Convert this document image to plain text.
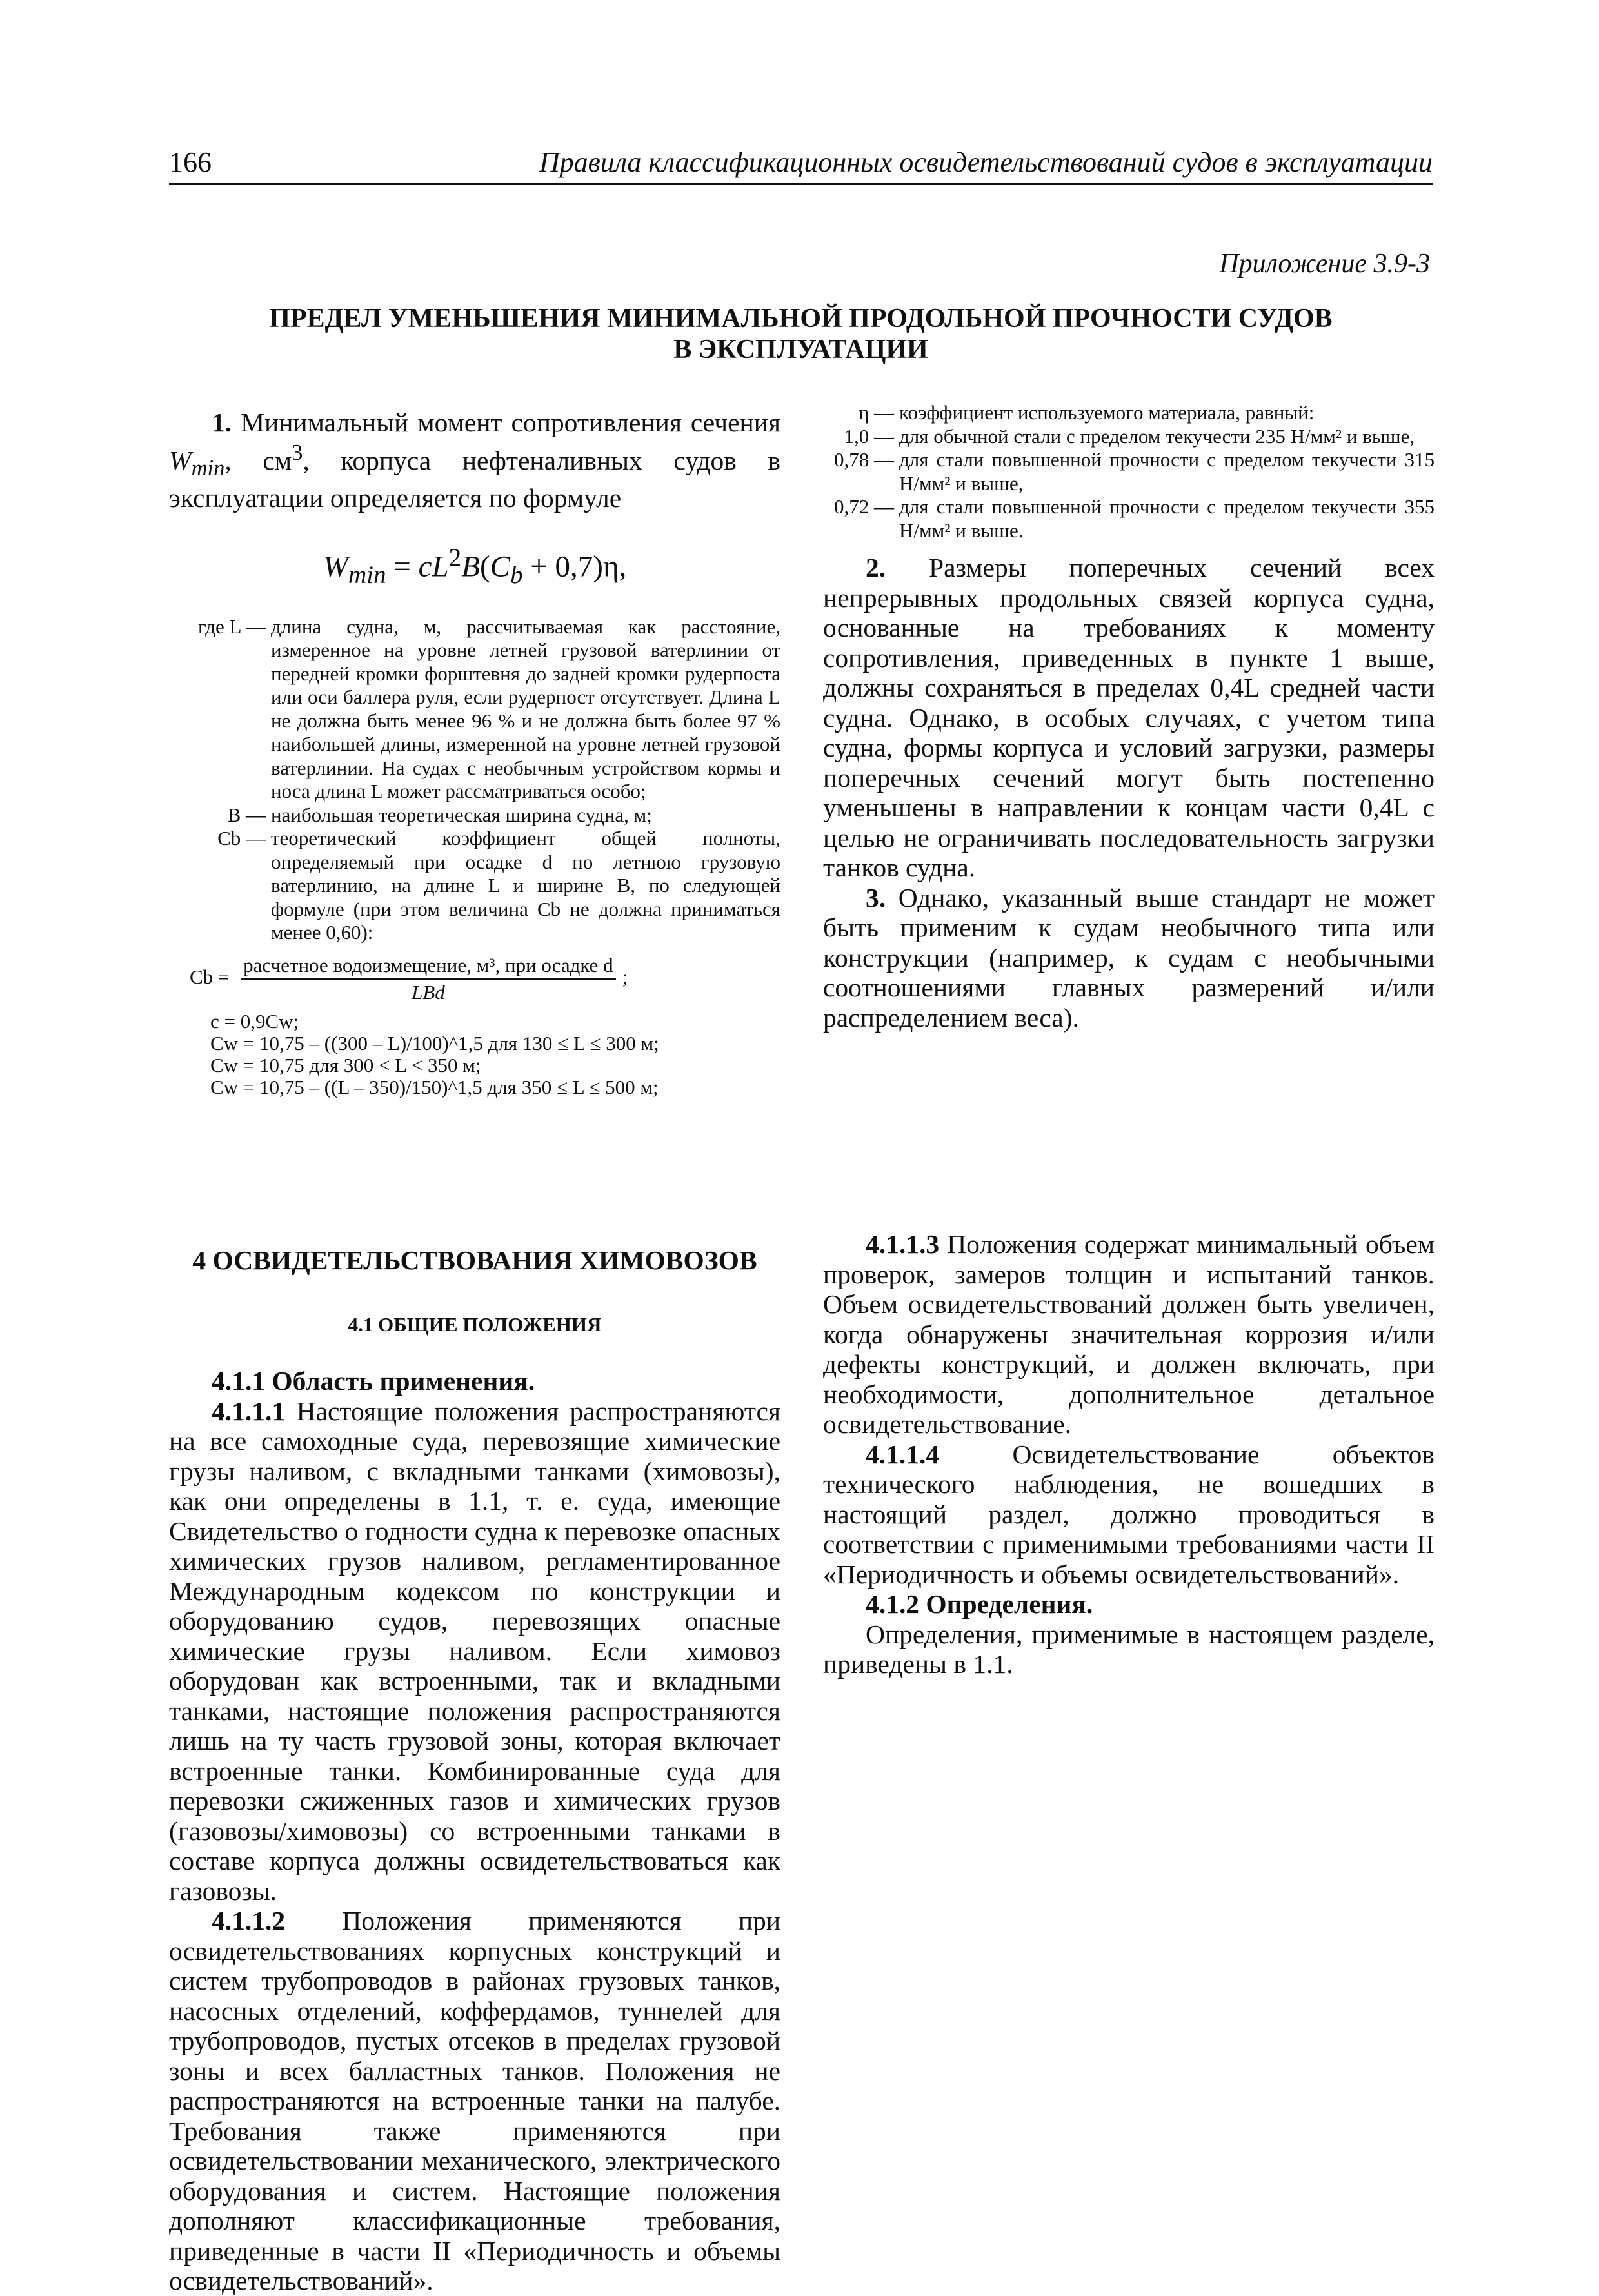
166	Правила классификационных освидетельствований судов в эксплуатации
Приложение 3.9-3
ПРЕДЕЛ УМЕНЬШЕНИЯ МИНИМАЛЬНОЙ ПРОДОЛЬНОЙ ПРОЧНОСТИ СУДОВ
В ЭКСПЛУАТАЦИИ

1. Минимальный момент сопротивления сечения $W_{min}$, $см^3$, корпуса нефтеналивных судов в эксплуатации определяется по формуле

$W_{min} = cL^2B(C_b + 0,7)\eta$,
где L —	длина судна, м, рассчитываемая как расстояние, измеренное на уровне летней грузовой ватерлинии от передней кромки форштевня до задней кромки рудерпоста или оси баллера руля, если рудерпост отсутствует. Длина L не должна быть менее 96 % и не должна быть более 97 % наибольшей длины, измеренной на уровне летней грузовой ватерлинии. На судах с необычным устройством кормы и носа длина L может рассматриваться особо;
B —	наибольшая теоретическая ширина судна, м;
Cb —	теоретический коэффициент общей полноты, определяемый при осадке d по летнюю грузовую ватерлинию, на длине L и ширине B, по следующей формуле (при этом величина Cb не должна приниматься менее 0,60):
$Cb = \frac{\text{расчетное водоизмещение, м³, при осадке d}}{\text{LBd}}$ ;
c = 0,9Cw;
Cw = 10,75 – ((300 – L)/100)^1,5 для 130 ≤ L ≤ 300 м;
Cw = 10,75 для 300 < L < 350 м;
Cw = 10,75 – ((L – 350)/150)^1,5 для 350 ≤ L ≤ 500 м;
η —	коэффициент используемого материала, равный:
1,0 —	для обычной стали с пределом текучести 235 Н/мм² и выше,
0,78 —	для стали повышенной прочности с пределом текучести 315 Н/мм² и выше,
0,72 —	для стали повышенной прочности с пределом текучести 355 Н/мм² и выше.

2. Размеры поперечных сечений всех непрерывных продольных связей корпуса судна, основанные на требованиях к моменту сопротивления, приведенных в пункте 1 выше, должны сохраняться в пределах 0,4L средней части судна. Однако, в особых случаях, с учетом типа судна, формы корпуса и условий загрузки, размеры поперечных сечений могут быть постепенно уменьшены в направлении к концам части 0,4L с целью не ограничивать последовательность загрузки танков судна.

3. Однако, указанный выше стандарт не может быть применим к судам необычного типа или конструкции (например, к судам с необычными соотношениями главных размерений и/или распределением веса).

4 ОСВИДЕТЕЛЬСТВОВАНИЯ ХИМОВОЗОВ
4.1 ОБЩИЕ ПОЛОЖЕНИЯ

4.1.1 Область применения.

4.1.1.1 Настоящие положения распространяются на все самоходные суда, перевозящие химические грузы наливом, с вкладными танками (химовозы), как они определены в 1.1, т. е. суда, имеющие Свидетельство о годности судна к перевозке опасных химических грузов наливом, регламентированное Международным кодексом по конструкции и оборудованию судов, перевозящих опасные химические грузы наливом. Если химовоз оборудован как встроенными, так и вкладными танками, настоящие положения распространяются лишь на ту часть грузовой зоны, которая включает встроенные танки. Комбинированные суда для перевозки сжиженных газов и химических грузов (газовозы/химовозы) со встроенными танками в составе корпуса должны освидетельствоваться как газовозы.

4.1.1.2 Положения применяются при освидетельствованиях корпусных конструкций и систем трубопроводов в районах грузовых танков, насосных отделений, коффердамов, туннелей для трубопроводов, пустых отсеков в пределах грузовой зоны и всех балластных танков. Положения не распространяются на встроенные танки на палубе. Требования также применяются при освидетельствовании механического, электрического оборудования и систем. Настоящие положения дополняют классификационные требования, приведенные в части II «Периодичность и объемы освидетельствований».

4.1.1.3 Положения содержат минимальный объем проверок, замеров толщин и испытаний танков. Объем освидетельствований должен быть увеличен, когда обнаружены значительная коррозия и/или дефекты конструкций, и должен включать, при необходимости, дополнительное детальное освидетельствование.

4.1.1.4	Освидетельствование объектов технического наблюдения, не вошедших в настоящий раздел, должно проводиться в соответствии с применимыми требованиями части II «Периодичность и объемы освидетельствований».

4.1.2 Определения.

Определения, применимые в настоящем разделе, приведены в 1.1.
